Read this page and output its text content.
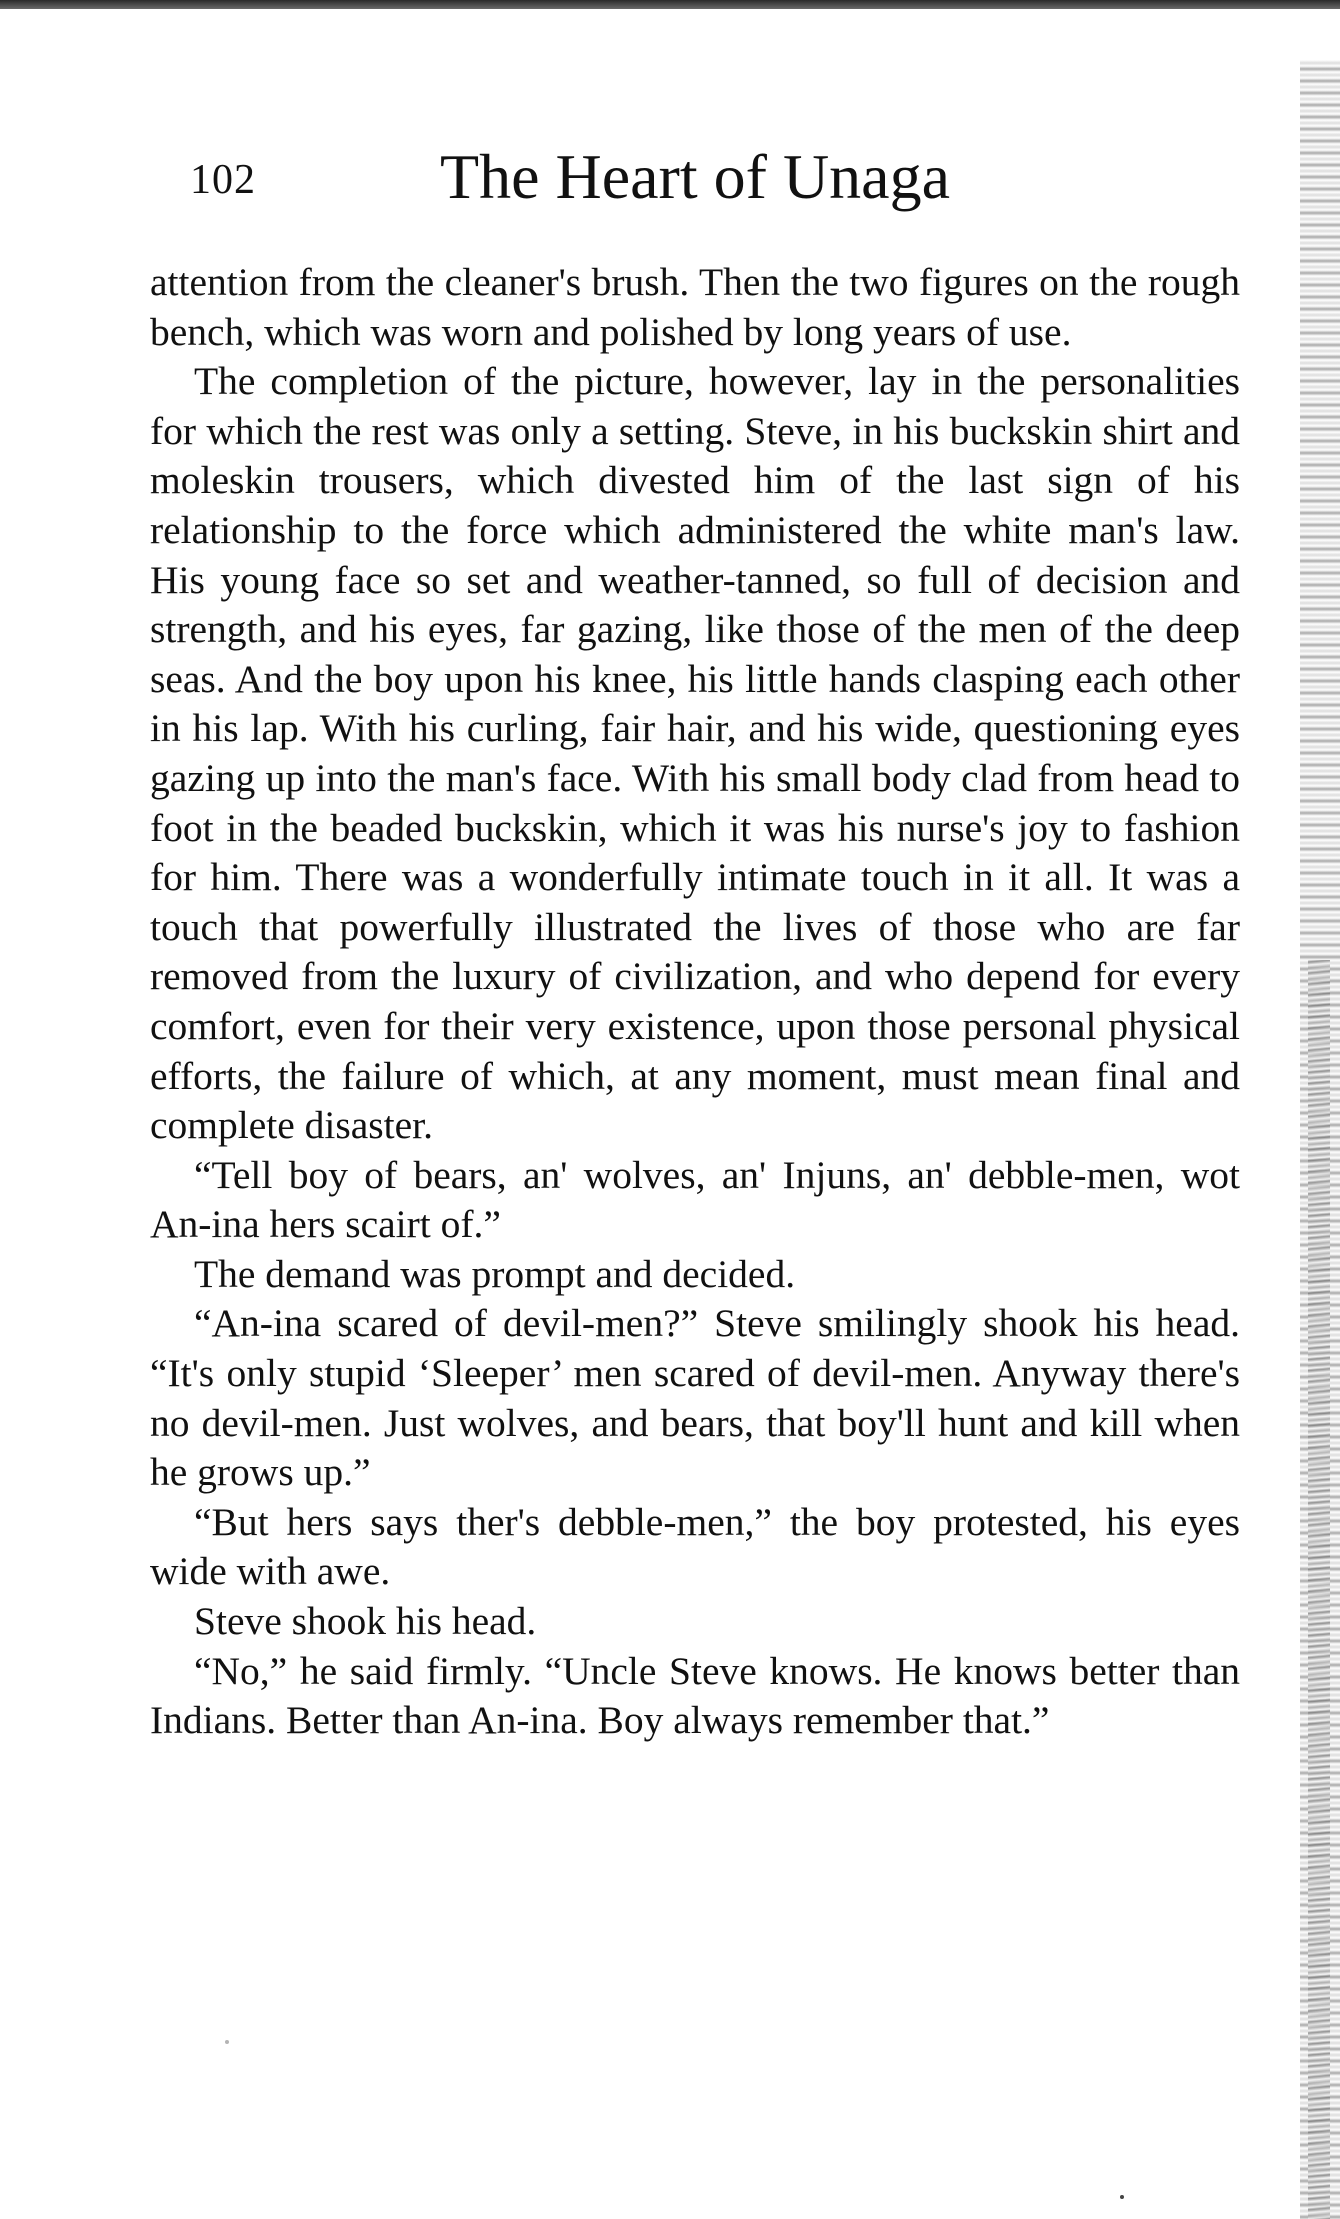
102	The Heart of Unaga

attention from the cleaner's brush. Then the two figures on the rough bench, which was worn and polished by long years of use.

The completion of the picture, however, lay in the personalities for which the rest was only a setting. Steve, in his buckskin shirt and moleskin trousers, which divested him of the last sign of his relationship to the force which administered the white man's law. His young face so set and weather-tanned, so full of decision and strength, and his eyes, far gazing, like those of the men of the deep seas. And the boy upon his knee, his little hands clasping each other in his lap. With his curling, fair hair, and his wide, questioning eyes gazing up into the man's face. With his small body clad from head to foot in the beaded buckskin, which it was his nurse's joy to fashion for him. There was a wonderfully intimate touch in it all. It was a touch that powerfully illustrated the lives of those who are far removed from the luxury of civilization, and who depend for every comfort, even for their very existence, upon those personal physical efforts, the failure of which, at any moment, must mean final and complete disaster.

“Tell boy of bears, an' wolves, an' Injuns, an' debble-men, wot An-ina hers scairt of.”

The demand was prompt and decided.

“An-ina scared of devil-men?” Steve smilingly shook his head. “It's only stupid ‘Sleeper’ men scared of devil-men. Anyway there's no devil-men. Just wolves, and bears, that boy'll hunt and kill when he grows up.”

“But hers says ther's debble-men,” the boy protested, his eyes wide with awe.

Steve shook his head.

“No,” he said firmly. “Uncle Steve knows. He knows better than Indians. Better than An-ina. Boy always remember that.”
